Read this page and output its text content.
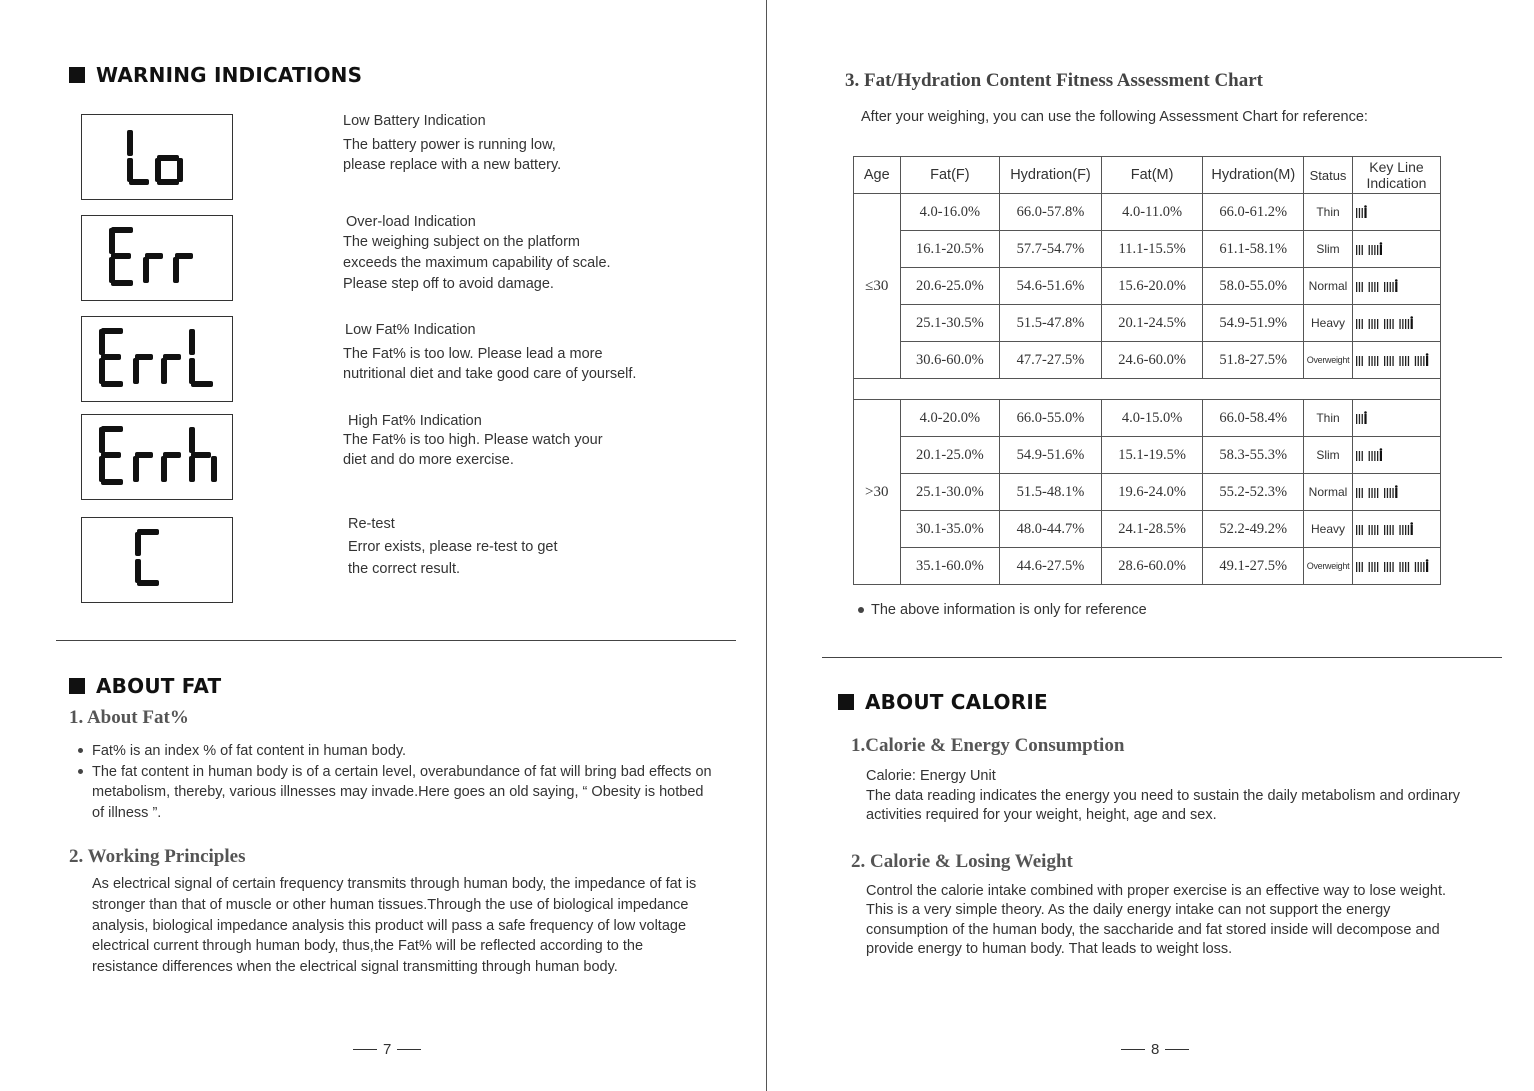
WARNING INDICATIONS
Low Battery Indication
The battery power is running low,
please replace with a new battery.
Over-load Indication
The weighing subject on the platform
exceeds the maximum capability of scale.
Please step off to avoid damage.
Low Fat% Indication
The Fat% is too low. Please lead a more
nutritional diet and take good care of yourself.
High Fat% Indication
The Fat% is too high. Please watch your
diet and do more exercise.
Re-test
Error exists, please re-test to get
the correct result.
ABOUT FAT
1. About Fat%
Fat% is an index % of fat content in human body.
The fat content in human body is of a certain level, overabundance of fat will bring bad effects on metabolism, thereby, various illnesses may invade.Here goes an old saying, “ Obesity is hotbed of illness ”.
2. Working Principles
As electrical signal of certain frequency transmits through human body, the impedance of fat is stronger than that of muscle or other human tissues.Through the use of biological impedance analysis, biological impedance analysis this product will pass a safe frequency of low voltage electrical current through human body, thus,the Fat% will be reflected according to the resistance differences when the electrical signal transmitting through human body.
7
3. Fat/Hydration Content Fitness Assessment Chart
After your weighing, you can use the following Assessment Chart for reference:
Age	Fat(F)	Hydration(F)	Fat(M)	Hydration(M)	Status	Key Line
Indication

≤30	4.0-16.0%	66.0-57.8%	4.0-11.0%	66.0-61.2%	Thin	

	16.1-20.5%	57.7-54.7%	11.1-15.5%	61.1-58.1%	Slim	

	20.6-25.0%	54.6-51.6%	15.6-20.0%	58.0-55.0%	Normal	

	25.1-30.5%	51.5-47.8%	20.1-24.5%	54.9-51.9%	Heavy	

	30.6-60.0%	47.7-27.5%	24.6-60.0%	51.8-27.5%	Overweight	

>30	4.0-20.0%	66.0-55.0%	4.0-15.0%	66.0-58.4%	Thin	

	20.1-25.0%	54.9-51.6%	15.1-19.5%	58.3-55.3%	Slim	

	25.1-30.0%	51.5-48.1%	19.6-24.0%	55.2-52.3%	Normal	

	30.1-35.0%	48.0-44.7%	24.1-28.5%	52.2-49.2%	Heavy	

	35.1-60.0%	44.6-27.5%	28.6-60.0%	49.1-27.5%	Overweight	
The above information is only for reference
ABOUT CALORIE
1.Calorie & Energy Consumption
Calorie: Energy Unit
The data reading indicates the energy you need to sustain the daily metabolism and ordinary activities required for your weight, height, age and sex.
2. Calorie & Losing Weight
Control the calorie intake combined with proper exercise is an effective way to lose weight. This is a very simple theory. As the daily energy intake can not support the energy consumption of the human body, the saccharide and fat stored inside will decompose and provide energy to human body. That leads to weight loss.
8
